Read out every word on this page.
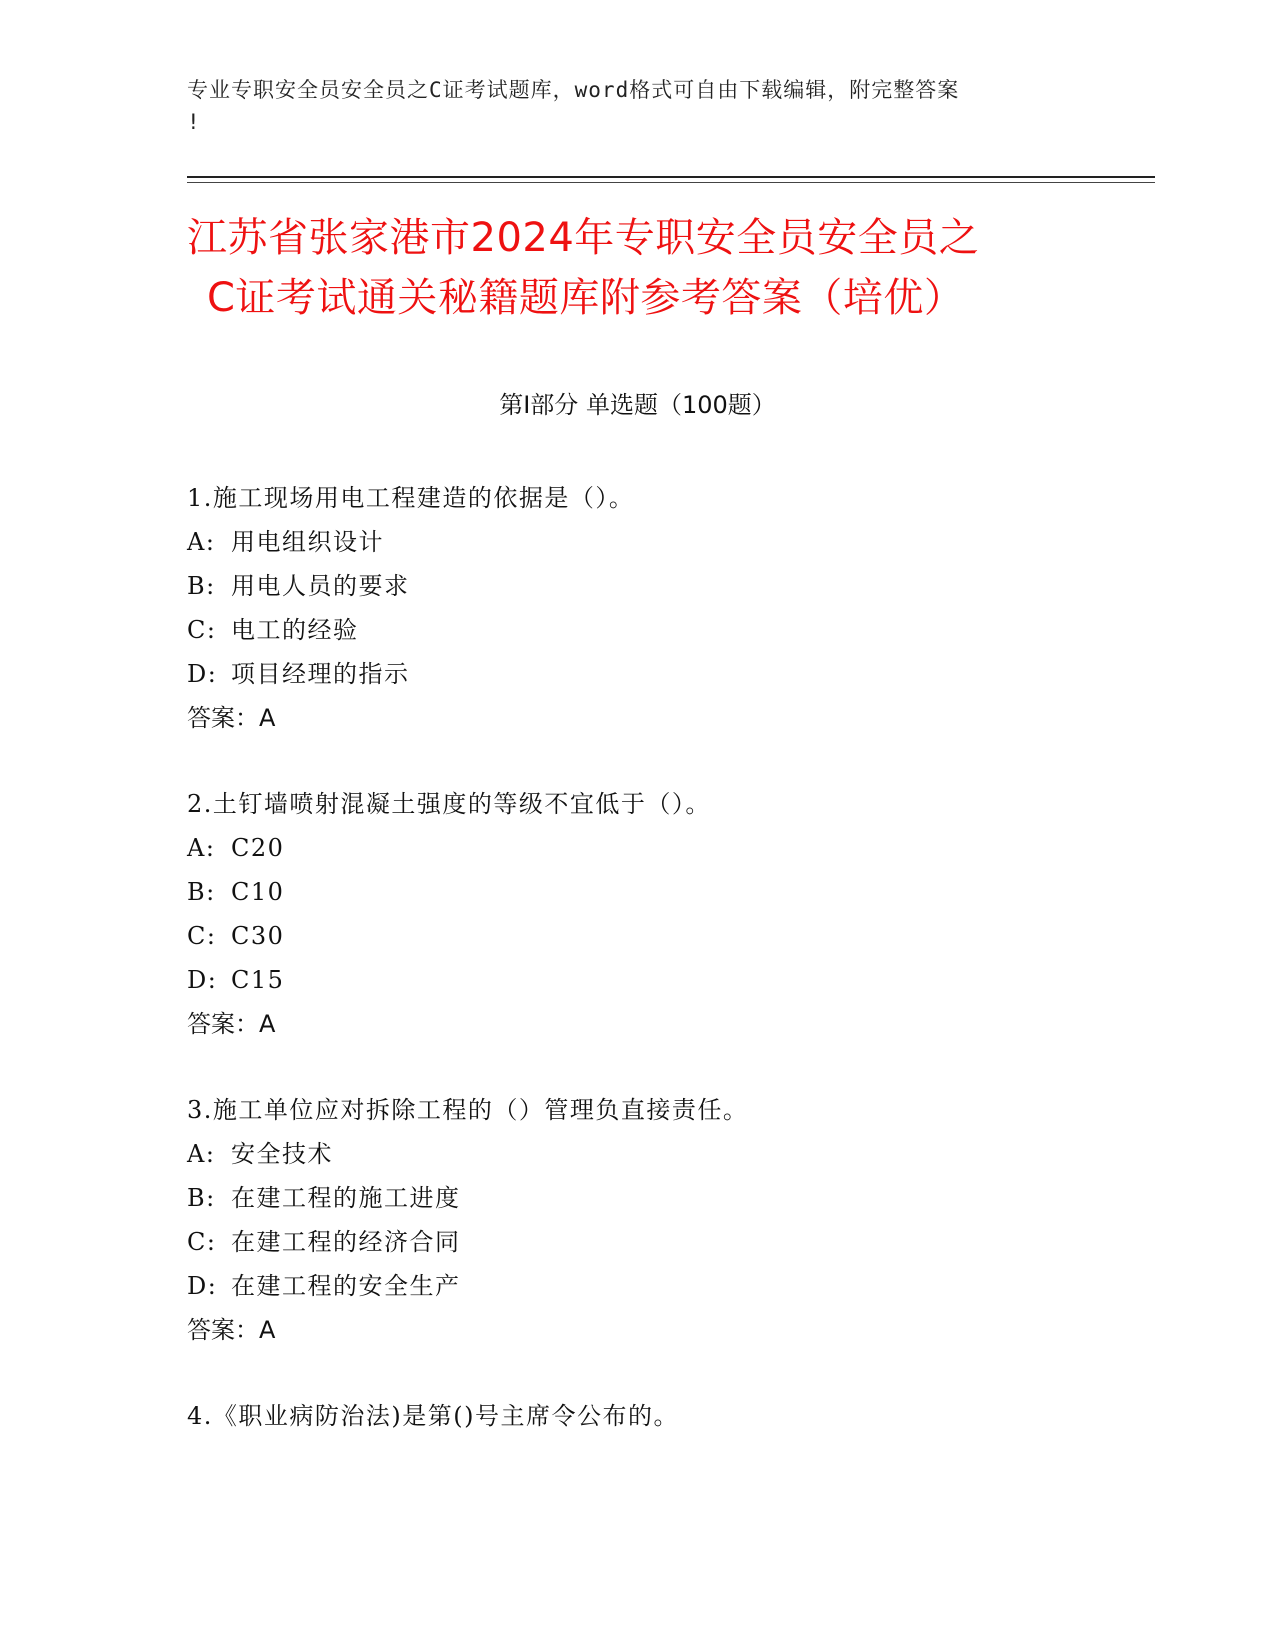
专业专职安全员安全员之C证考试题库，word格式可自由下载编辑，附完整答案
!
江苏省张家港市2024年专职安全员安全员之
C证考试通关秘籍题库附参考答案（培优）
第Ⅰ部分 单选题（100题）
1.施工现场用电工程建造的依据是（）。
A: 用电组织设计
B: 用电人员的要求
C: 电工的经验
D: 项目经理的指示
答案：A
2.土钉墙喷射混凝土强度的等级不宜低于（）。
A: C20
B: C10
C: C30
D: C15
答案：A
3.施工单位应对拆除工程的（）管理负直接责任。
A: 安全技术
B: 在建工程的施工进度
C: 在建工程的经济合同
D: 在建工程的安全生产
答案：A
4.《职业病防治法)是第()号主席令公布的。
